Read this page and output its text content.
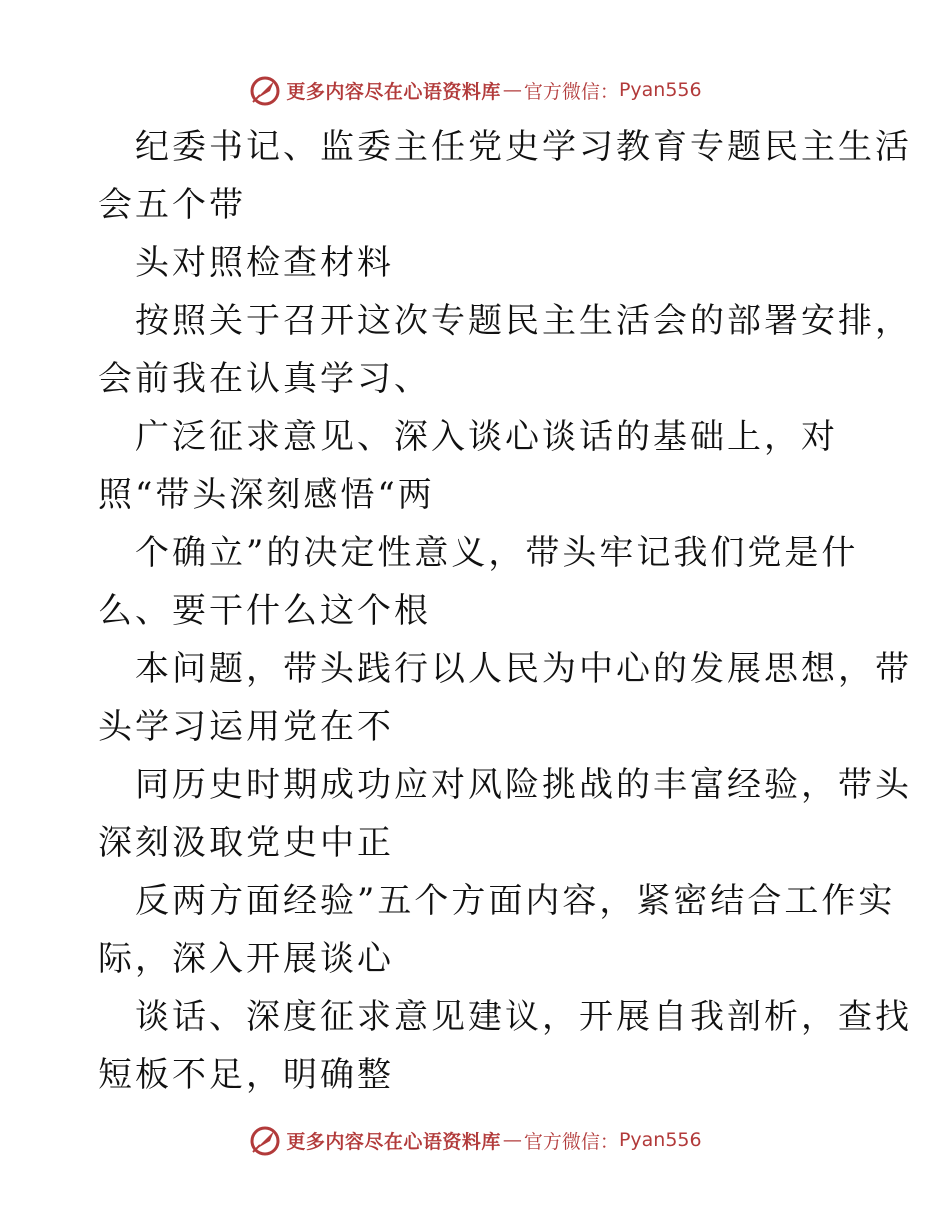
更多内容尽在心语资料库 — 官方微信： Pyan556
纪委书记、监委主任党史学习教育专题民主生活
会五个带
头对照检查材料
按照关于召开这次专题民主生活会的部署安排，
会前我在认真学习、
广泛征求意见、深入谈心谈话的基础上，对
照“带头深刻感悟“两
个确立”的决定性意义，带头牢记我们党是什
么、要干什么这个根
本问题，带头践行以人民为中心的发展思想，带
头学习运用党在不
同历史时期成功应对风险挑战的丰富经验，带头
深刻汲取党史中正
反两方面经验”五个方面内容，紧密结合工作实
际，深入开展谈心
谈话、深度征求意见建议，开展自我剖析，查找
短板不足，明确整
更多内容尽在心语资料库 — 官方微信： Pyan556
